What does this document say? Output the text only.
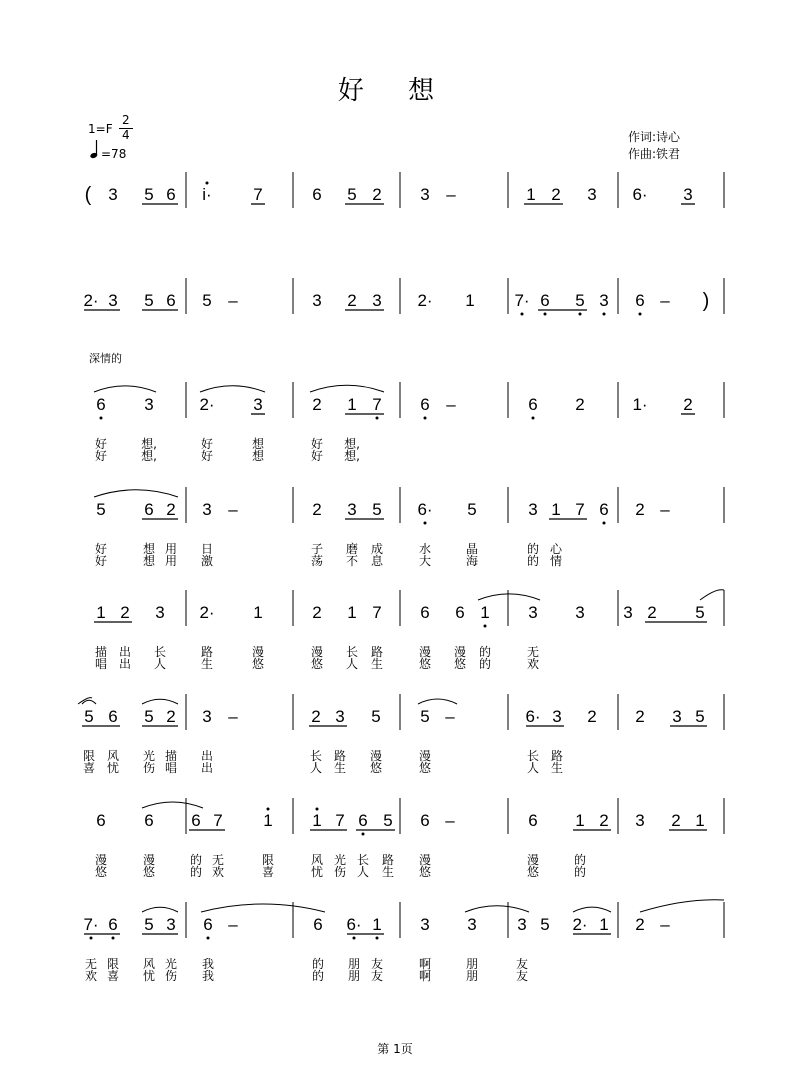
好 想
1=F
2
4
=78
作词:诗心
作曲:铁君
深情的
( 3 5 6 i· 7	6 5 2 3 –	1 2 3 6· 3
2· 3 5 6 5 –	3 2 3 2· 1 7· 6 5 3 6 – )
6 3	2· 3	2 1 7 6 –	6 2	1· 2
好	想,	好	想	好 想,
好	想,	好	想	好 想,
5 6 2 3 –	2 3 5 6· 5	3 1 7 6 2 –
好	想 用 日	子 磨 成	水	晶	的 心
好	想 用 激	荡 不 息	大	海	的 情
1 2 3 2· 1	2 1 7 6 6 1 3 3 3 2 5
描 出 长	路	漫	漫 长 路	漫 漫 的	无
唱 出 人	生	悠	悠 人 生	悠 悠 的	欢
5 6 5 2 3 –	2 3 5 5 –	6· 3 2 2 3 5
限 风 光 描 出	长 路 漫	漫	长 路
喜 忧 伤 唱 出	人 生 悠	悠	人 生
6 6 6 7 1 1 7 6 5 6 –	6 1 2 3 2 1
漫	漫	的 无	限	风 光 长 路 漫	漫	的
悠	悠	的 欢	喜	忧 伤 人 生 悠	悠	的
7· 6 5 3 6 –	6 6· 1 3 3 3 5 2· 1 2 –
无 限 风 光 我	的 朋 友	啊	朋	友
欢 喜 忧 伤 我	的 朋 友	啊	朋	友
第 1页
